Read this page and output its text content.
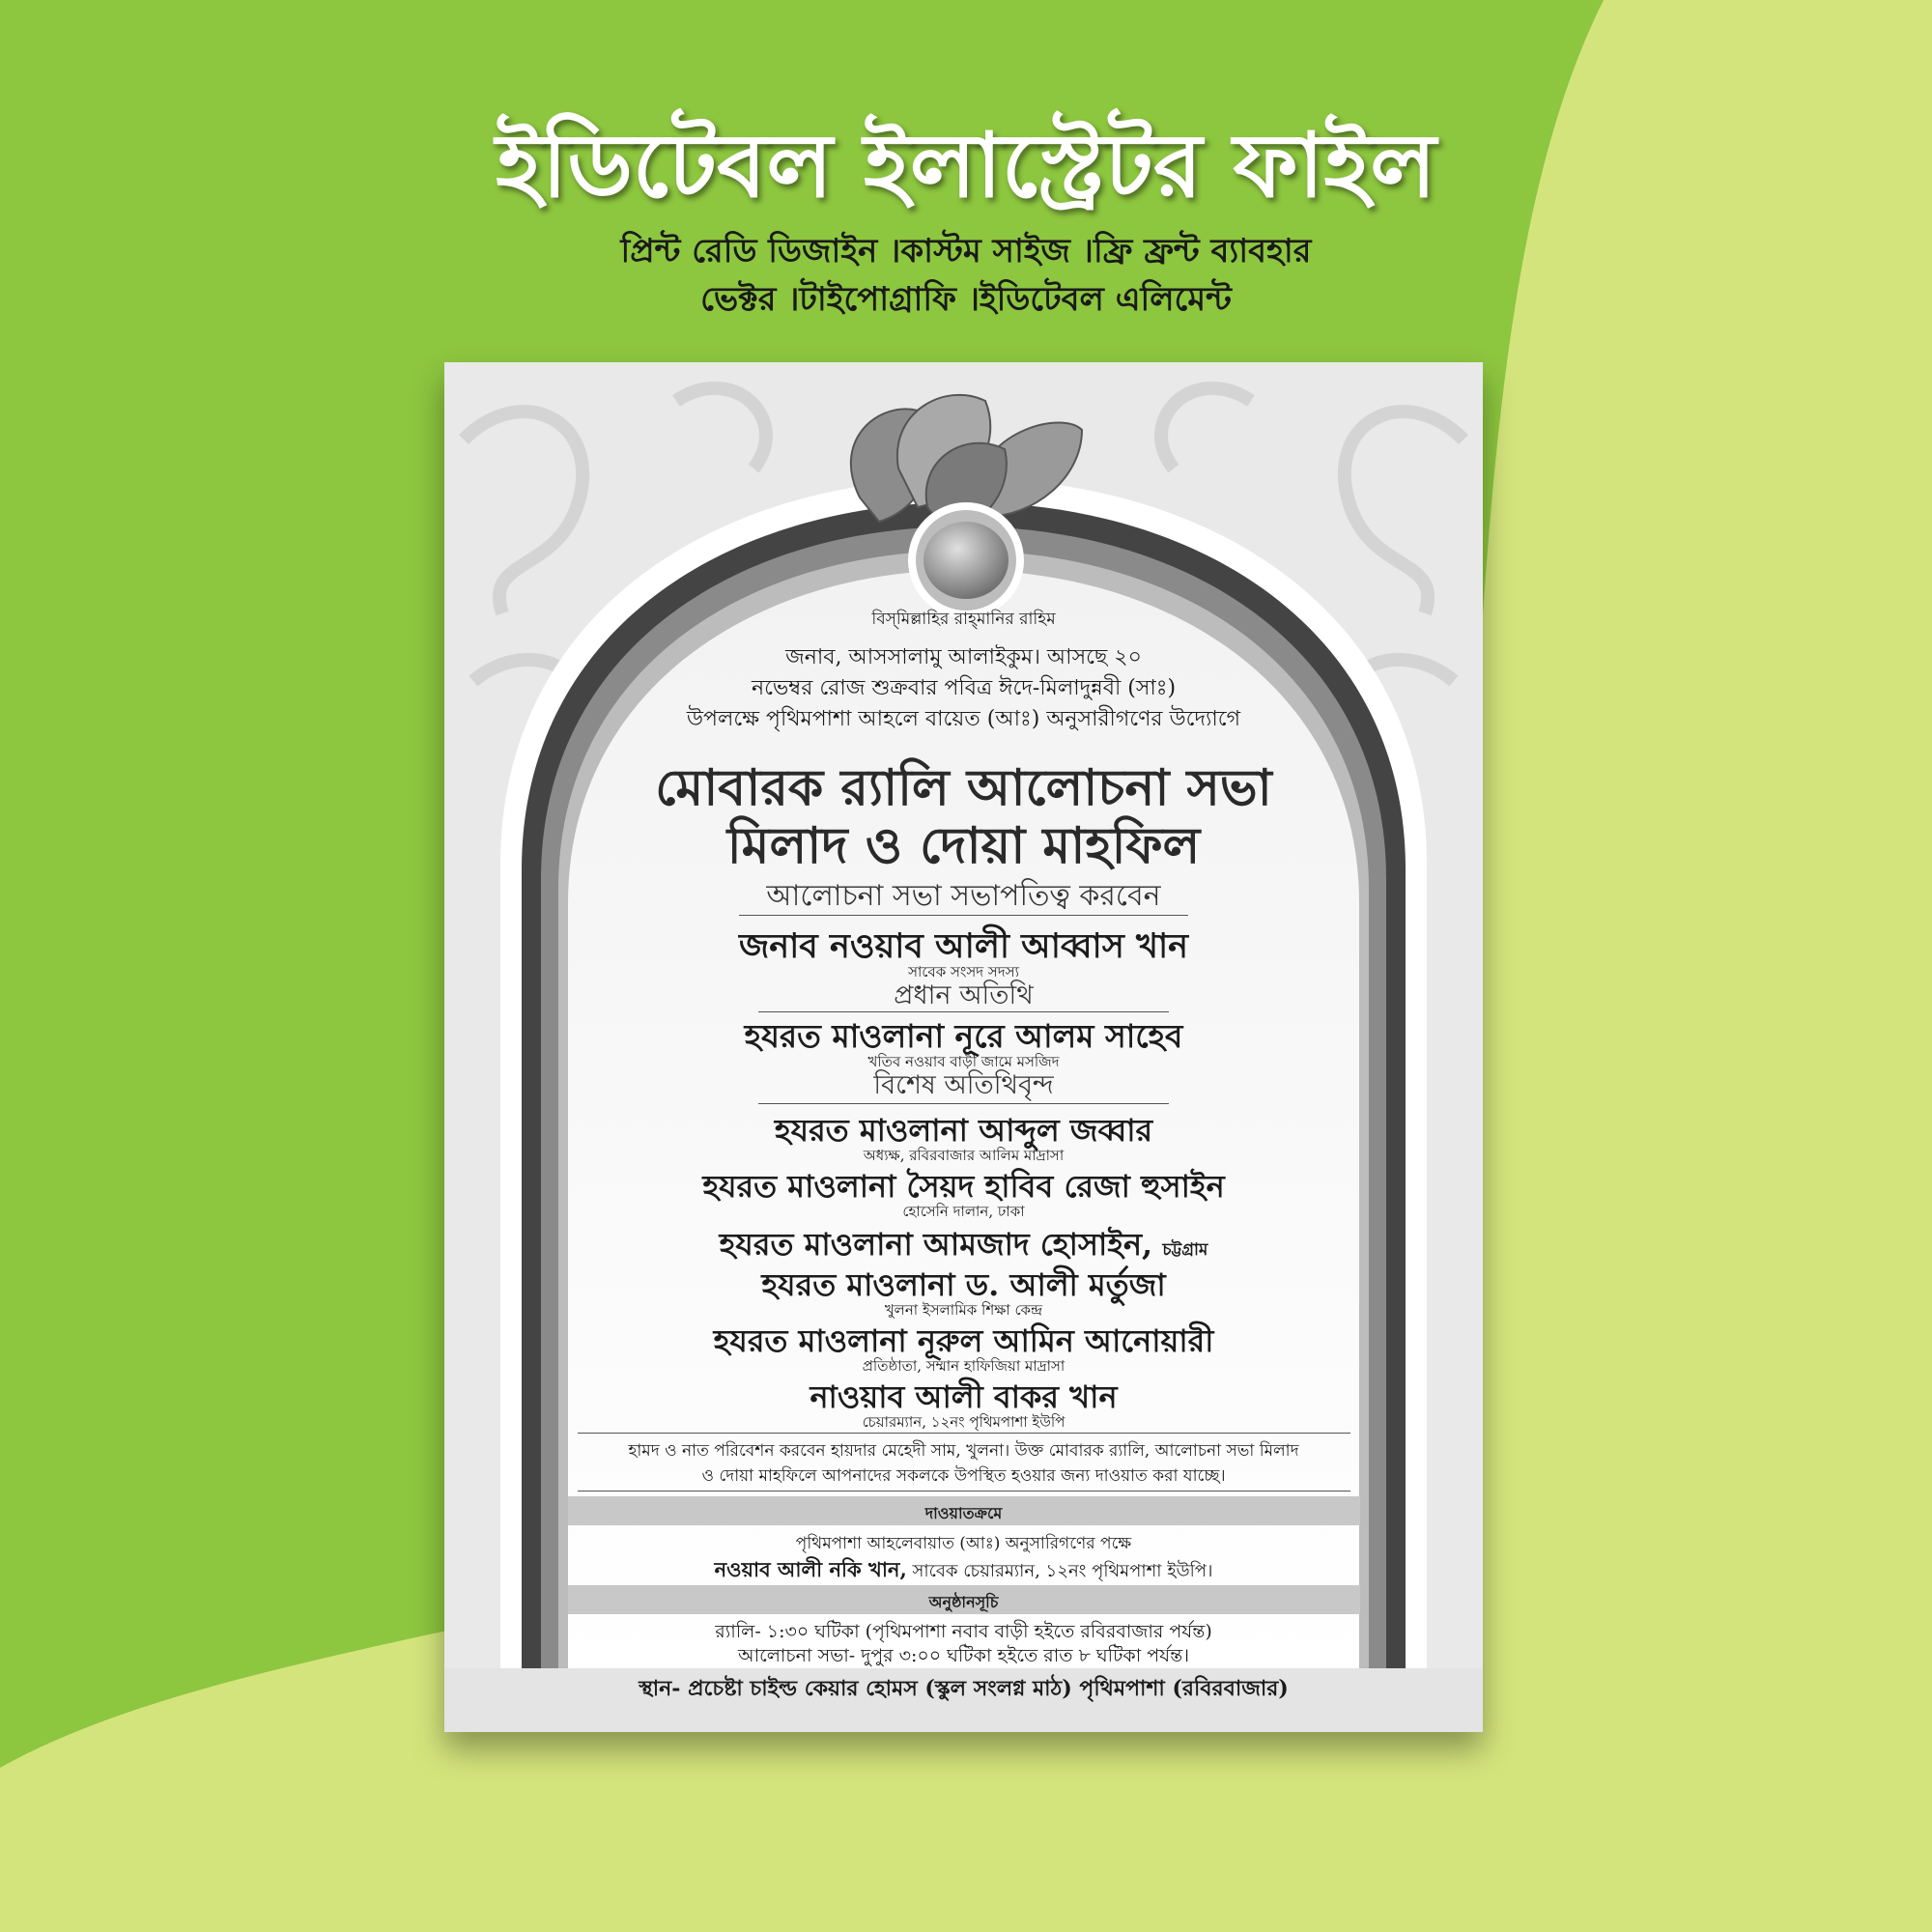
ইডিটেবল ইলাস্ট্রেটর ফাইল
প্রিন্ট রেডি ডিজাইন ।কাস্টম সাইজ ।ফ্রি ফ্রন্ট ব্যাবহার
ভেক্টর ।টাইপোগ্রাফি ।ইডিটেবল এলিমেন্ট
বিস্‌মিল্লাহির রাহ্‌মানির রাহিম
জনাব, আসসালামু আলাইকুম। আসছে ২০
নভেম্বর রোজ শুক্রবার পবিত্র ঈদে-মিলাদুন্নবী (সাঃ)
উপলক্ষে পৃথিমপাশা আহলে বায়েত (আঃ) অনুসারীগণের উদ্যোগে
মোবারক র‌্যালি আলোচনা সভা
মিলাদ ও দোয়া মাহফিল
আলোচনা সভা সভাপতিত্ব করবেন
জনাব নওয়াব আলী আব্বাস খান
সাবেক সংসদ সদস্য
প্রধান অতিথি
হযরত মাওলানা নূরে আলম সাহেব
খতিব নওয়াব বাড়ী জামে মসজিদ
বিশেষ অতিথিবৃন্দ
হযরত মাওলানা আব্দুল জব্বার
অধ্যক্ষ, রবিরবাজার আলিম মাদ্রাসা
হযরত মাওলানা সৈয়দ হাবিব রেজা হুসাইন
হোসেনি দালান, ঢাকা
হযরত মাওলানা আমজাদ হোসাইন, চট্টগ্রাম
হযরত মাওলানা ড. আলী মর্তুজা
খুলনা ইসলামিক শিক্ষা কেন্দ্র
হযরত মাওলানা নূরুল আমিন আনোয়ারী
প্রতিষ্ঠাতা, সম্মান হাফিজিয়া মাদ্রাসা
নাওয়াব আলী বাকর খান
চেয়ারম্যান, ১২নং পৃথিমপাশা ইউপি
হামদ ও নাত পরিবেশন করবেন হায়দার মেহেদী সাম, খুলনা। উক্ত মোবারক র‌্যালি, আলোচনা সভা মিলাদ
ও দোয়া মাহফিলে আপনাদের সকলকে উপস্থিত হওয়ার জন্য দাওয়াত করা যাচ্ছে।
দাওয়াতক্রমে
পৃথিমপাশা আহলেবায়াত (আঃ) অনুসারিগণের পক্ষে
নওয়াব আলী নকি খান, সাবেক চেয়ারম্যান, ১২নং পৃথিমপাশা ইউপি।
অনুষ্ঠানসূচি
র‌্যালি- ১:৩০ ঘটিকা (পৃথিমপাশা নবাব বাড়ী হইতে রবিরবাজার পর্যন্ত)
আলোচনা সভা- দুপুর ৩:০০ ঘটিকা হইতে রাত ৮ ঘটিকা পর্যন্ত।
স্থান- প্রচেষ্টা চাইল্ড কেয়ার হোমস (স্কুল সংলগ্ন মাঠ) পৃথিমপাশা (রবিরবাজার)
